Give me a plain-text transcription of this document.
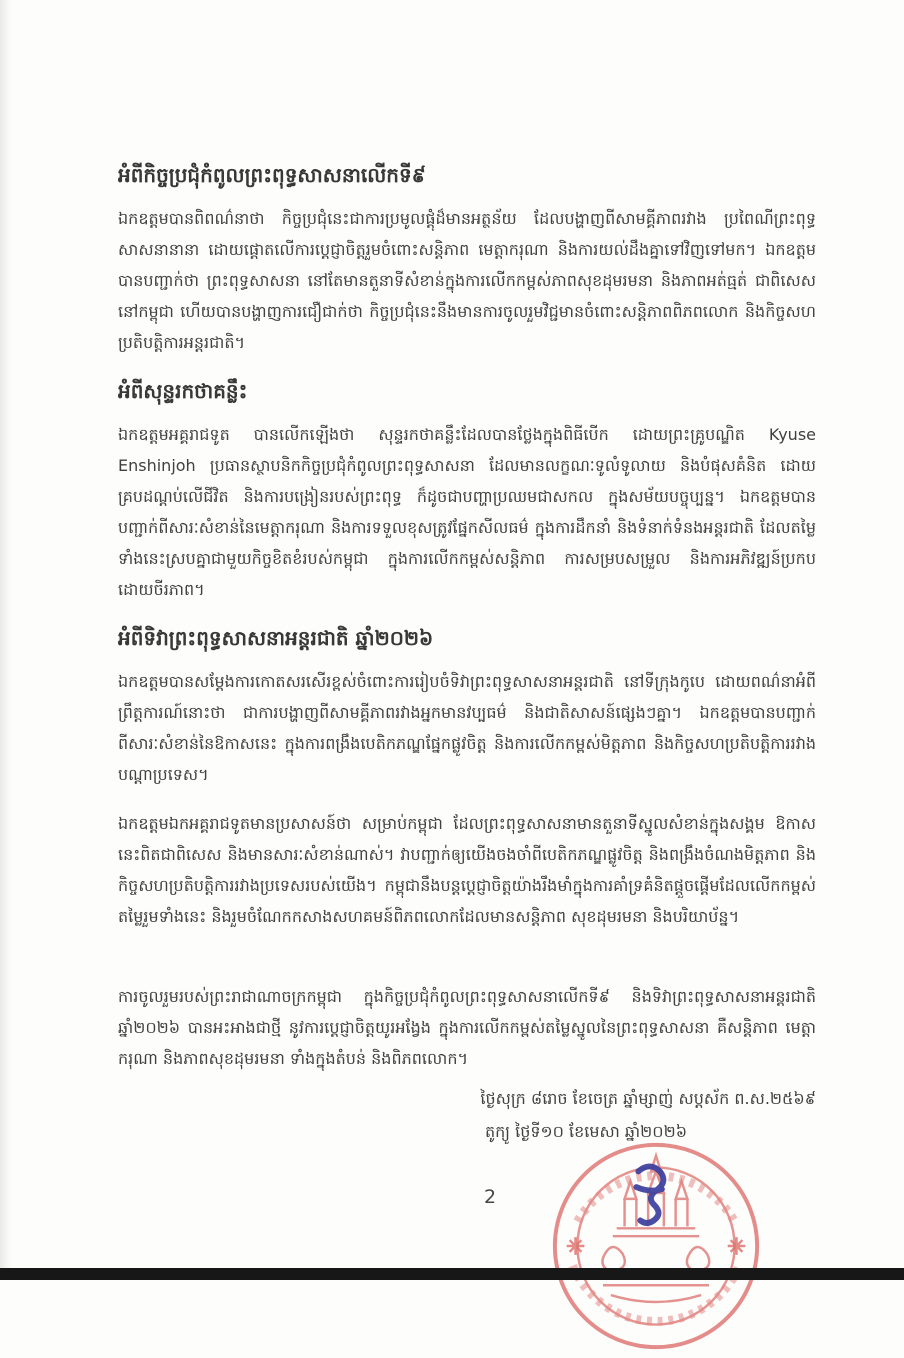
អំពីកិច្ចប្រជុំកំពូលព្រះពុទ្ធសាសនាលើកទី៩

ឯកឧត្តមបានពិពណ៌នាថា កិច្ចប្រជុំនេះជាការប្រមូលផ្តុំដ៏មានអត្ថន័យ ដែលបង្ហាញពីសាមគ្គីភាពរវាង ប្រពៃណីព្រះពុទ្ធសាសនានានា ដោយផ្តោតលើការប្តេជ្ញាចិត្តរួមចំពោះសន្តិភាព មេត្តាករុណា និងការយល់ដឹងគ្នាទៅវិញទៅមក។ ឯកឧត្តមបានបញ្ជាក់ថា ព្រះពុទ្ធសាសនា នៅតែមានតួនាទីសំខាន់ក្នុងការលើកកម្ពស់ភាពសុខដុមរមនា និងភាពអត់ធ្មត់ ជាពិសេសនៅកម្ពុជា ហើយបានបង្ហាញការជឿជាក់ថា កិច្ចប្រជុំនេះនឹងមានការចូលរួមវិជ្ជមានចំពោះសន្តិភាពពិភពលោក និងកិច្ចសហប្រតិបត្តិការអន្តរជាតិ។

អំពីសុន្ទរកថាគន្លឹះ

ឯកឧត្តមអគ្គរាជទូត បានលើកឡើងថា សុន្ទរកថាគន្លឹះដែលបានថ្លែងក្នុងពិធីបើក ដោយព្រះគ្រូបណ្ឌិត Kyuse Enshinjoh ប្រធានស្ថាបនិកកិច្ចប្រជុំកំពូលព្រះពុទ្ធសាសនា ដែលមានលក្ខណៈទូលំទូលាយ និងបំផុសគំនិត ដោយគ្របដណ្តប់លើជីវិត និងការបង្រៀនរបស់ព្រះពុទ្ធ ក៏ដូចជាបញ្ហាប្រឈមជាសកល ក្នុងសម័យបច្ចុប្បន្ន។ ឯកឧត្តមបានបញ្ជាក់ពីសារៈសំខាន់នៃមេត្តាករុណា និងការទទួលខុសត្រូវផ្នែកសីលធម៌ ក្នុងការដឹកនាំ និងទំនាក់ទំនងអន្តរជាតិ ដែលតម្លៃទាំងនេះស្របគ្នាជាមួយកិច្ចខិតខំរបស់កម្ពុជា ក្នុងការលើកកម្ពស់សន្តិភាព ការសម្របសម្រួល និងការអភិវឌ្ឍន៍ប្រកបដោយចីរភាព។

អំពីទិវាព្រះពុទ្ធសាសនាអន្តរជាតិ ឆ្នាំ២០២៦

ឯកឧត្តមបានសម្តែងការកោតសរសើរខ្ពស់ចំពោះការរៀបចំទិវាព្រះពុទ្ធសាសនាអន្តរជាតិ នៅទីក្រុងកូបេ ដោយពណ៌នាអំពីព្រឹត្តការណ៍នោះថា ជាការបង្ហាញពីសាមគ្គីភាពរវាងអ្នកមានវប្បធម៌ និងជាតិសាសន៍ផ្សេងៗគ្នា។ ឯកឧត្តមបានបញ្ជាក់ពីសារៈសំខាន់នៃឱកាសនេះ ក្នុងការពង្រឹងបេតិកភណ្ឌផ្នែកផ្លូវចិត្ត និងការលើកកម្ពស់មិត្តភាព និងកិច្ចសហប្រតិបត្តិការរវាងបណ្តាប្រទេស។

ឯកឧត្តមឯកអគ្គរាជទូតមានប្រសាសន៍ថា សម្រាប់កម្ពុជា ដែលព្រះពុទ្ធសាសនាមានតួនាទីស្នូលសំខាន់ក្នុងសង្គម ឱកាសនេះពិតជាពិសេស និងមានសារៈសំខាន់ណាស់។ វាបញ្ជាក់ឲ្យយើងចងចាំពីបេតិកភណ្ឌផ្លូវចិត្ត និងពង្រឹងចំណងមិត្តភាព និងកិច្ចសហប្រតិបត្តិការរវាងប្រទេសរបស់យើង។ កម្ពុជានឹងបន្តប្តេជ្ញាចិត្តយ៉ាងរឹងមាំក្នុងការគាំទ្រគំនិតផ្តួចផ្តើមដែលលើកកម្ពស់តម្លៃរួមទាំងនេះ និងរួមចំណែកកសាងសហគមន៍ពិភពលោកដែលមានសន្តិភាព សុខដុមរមនា និងបរិយាប័ន្ន។

ការចូលរួមរបស់ព្រះរាជាណាចក្រកម្ពុជា ក្នុងកិច្ចប្រជុំកំពូលព្រះពុទ្ធសាសនាលើកទី៩ និងទិវាព្រះពុទ្ធសាសនាអន្តរជាតិ ឆ្នាំ២០២៦ បានអះអាងជាថ្មី នូវការប្តេជ្ញាចិត្តយូរអង្វែង ក្នុងការលើកកម្ពស់តម្លៃស្នូលនៃព្រះពុទ្ធសាសនា គឺសន្តិភាព មេត្តាករុណា និងភាពសុខដុមរមនា ទាំងក្នុងតំបន់ និងពិភពលោក។

ថ្ងៃសុក្រ ៨រោច ខែចេត្រ ឆ្នាំម្សាញ់ សប្តស័ក ព.ស.២៥៦៩
តូក្យូ ថ្ងៃទី១០ ខែមេសា ឆ្នាំ២០២៦
2
